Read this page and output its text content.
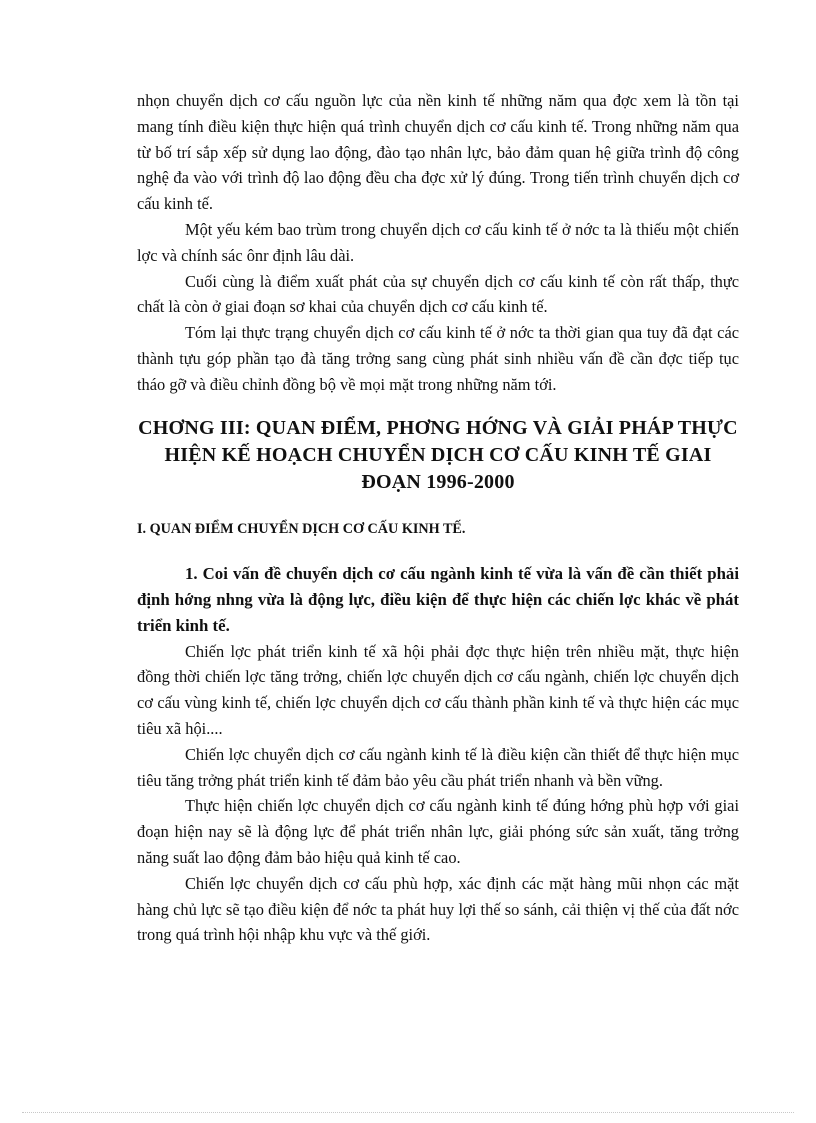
nhọn chuyển dịch cơ cấu nguồn lực của nền kinh tế những năm qua đợc xem là tồn tại mang tính điều kiện thực hiện quá trình chuyển dịch cơ cấu kinh tế. Trong những năm qua từ bố trí sắp xếp sử dụng lao động, đào tạo nhân lực, bảo đảm quan hệ giữa trình độ công nghệ đa vào với trình độ lao động đều cha đợc xử lý đúng. Trong tiến trình chuyển dịch cơ cấu kinh tế.

Một yếu kém bao trùm trong chuyển dịch cơ cấu kinh tế ở nớc ta là thiếu một chiến lợc và chính sác ônr định lâu dài.

Cuối cùng là điểm xuất phát của sự chuyển dịch cơ cấu kinh tế còn rất thấp, thực chất là còn ở giai đoạn sơ khai của chuyển dịch cơ cấu kinh tế.

Tóm lại thực trạng chuyển dịch cơ cấu kinh tế ở nớc ta thời gian qua tuy đã đạt các thành tựu góp phần tạo đà tăng trởng sang cùng phát sinh nhiều vấn đề cần đợc tiếp tục tháo gỡ và điều chỉnh đồng bộ về mọi mặt trong những năm tới.

CHƠNG III: QUAN ĐIỂM, PHƠNG HỚNG VÀ GIẢI PHÁP THỰC HIỆN KẾ HOẠCH CHUYỂN DỊCH CƠ CẤU KINH TẾ GIAI ĐOẠN 1996-2000
I. QUAN ĐIỂM CHUYỂN DỊCH CƠ CẤU KINH TẾ.
1. Coi vấn đề chuyển dịch cơ cấu ngành kinh tế vừa là vấn đề cần thiết phải định hớng nhng vừa là động lực, điều kiện để thực hiện các chiến lợc khác về phát triển kinh tế.

Chiến lợc phát triển kinh tế xã hội phải đợc thực hiện trên nhiều mặt, thực hiện đồng thời chiến lợc tăng trởng, chiến lợc chuyển dịch cơ cấu ngành, chiến lợc chuyển dịch cơ cấu vùng kinh tế, chiến lợc chuyển dịch cơ cấu thành phần kinh tế và thực hiện các mục tiêu xã hội....

Chiến lợc chuyển dịch cơ cấu ngành kinh tế là điều kiện cần thiết để thực hiện mục tiêu tăng trởng phát triển kinh tế đảm bảo yêu cầu phát triển nhanh và bền vững.

Thực hiện chiến lợc chuyển dịch cơ cấu ngành kinh tế đúng hớng phù hợp với giai đoạn hiện nay sẽ là động lực để phát triển nhân lực, giải phóng sức sản xuất, tăng trởng năng suất lao động đảm bảo hiệu quả kinh tế cao.

Chiến lợc chuyển dịch cơ cấu phù hợp, xác định các mặt hàng mũi nhọn các mặt hàng chủ lực sẽ tạo điều kiện để nớc ta phát huy lợi thế so sánh, cải thiện vị thế của đất nớc trong quá trình hội nhập khu vực và thế giới.
